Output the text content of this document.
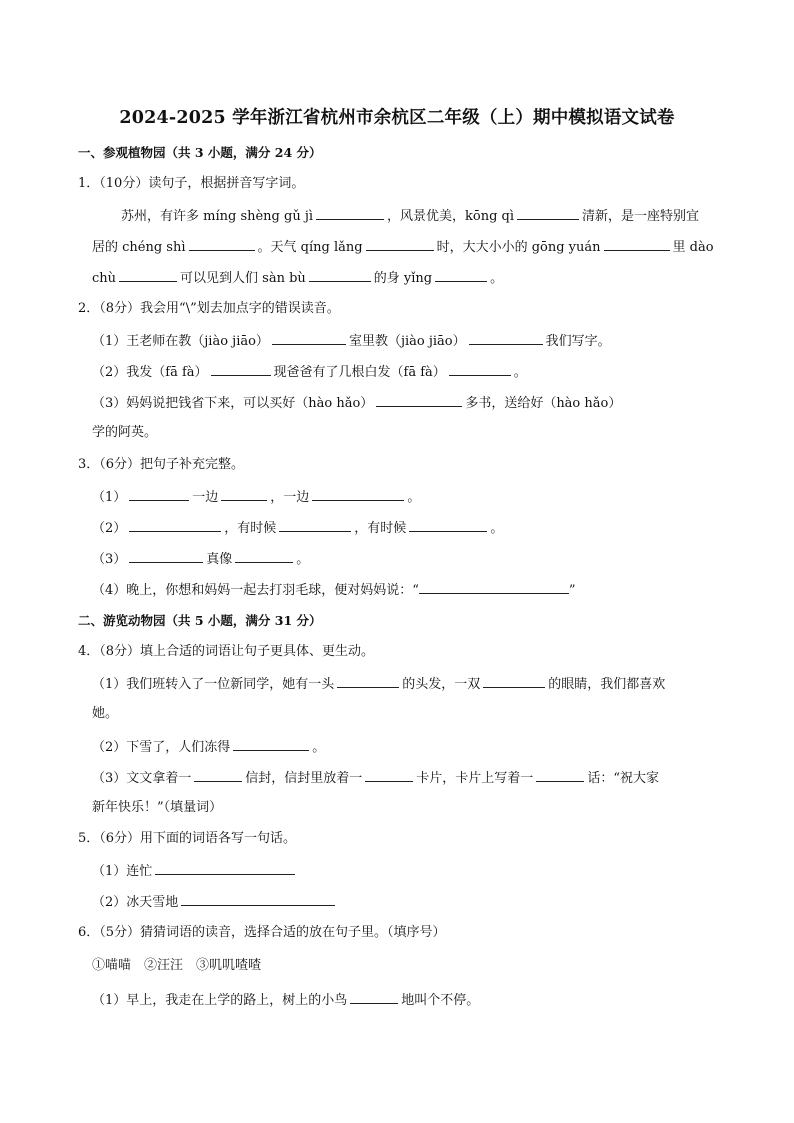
2024-2025 学年浙江省杭州市余杭区二年级（上）期中模拟语文试卷
一、参观植物园（共 3 小题，满分 24 分）
1．（10分）读句子，根据拼音写字词。
苏州，有许多 míng shèng gǔ jì	，风景优美，kōng qì	清新，是一座特别宜
居的 chéng shì	。天气 qíng lǎng	时，大大小小的 gōng yuán	里 dào
chù	可以见到人们 sàn bù	的身 yǐng	。
2．（8分）我会用“\”划去加点字的错误读音。
（1）王老师在教（jiào jiāo）	室里教（jiào jiāo）	我们写字。
（2）我发（fā fà）	现爸爸有了几根白发（fā fà）	。
（3）妈妈说把钱省下来，可以买好（hào hǎo）	多书，送给好（hào hǎo）
学的阿英。
3．（6分）把句子补充完整。
（1）	一边	，一边	。
（2）	，有时候	，有时候	。
（3）	真像	。
（4）晚上，你想和妈妈一起去打羽毛球，便对妈妈说：“	”
二、游览动物园（共 5 小题，满分 31 分）
4．（8分）填上合适的词语让句子更具体、更生动。
（1）我们班转入了一位新同学，她有一头	的头发，一双	的眼睛，我们都喜欢
她。
（2）下雪了，人们冻得	。
（3）文文拿着一	信封，信封里放着一	卡片，卡片上写着一	话：“祝大家
新年快乐！”（填量词）
5．（6分）用下面的词语各写一句话。
（1）连忙
（2）冰天雪地
6．（5分）猜猜词语的读音，选择合适的放在句子里。（填序号）
①喵喵　②汪汪　③叽叽喳喳
（1）早上，我走在上学的路上，树上的小鸟	地叫个不停。
